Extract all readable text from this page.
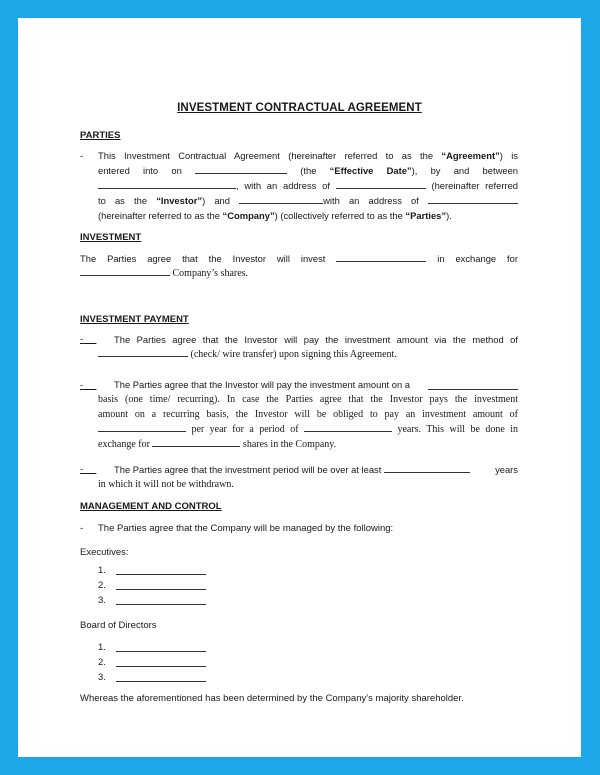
INVESTMENT CONTRACTUAL AGREEMENT
PARTIES
- This Investment Contractual Agreement (hereinafter referred to as the “Agreement”) is
entered into on	(the “Effective Date”), by and between
, with an address of	(hereinafter referred
to as the “Investor”) and	with an address of
(hereinafter referred to as the “Company”) (collectively referred to as the “Parties”).
INVESTMENT
The Parties agree that the Investor will invest	in exchange for
Company’s shares.
INVESTMENT PAYMENT
-	The Parties agree that the Investor will pay the investment amount via the method of
(check/ wire transfer) upon signing this Agreement.
-	The Parties agree that the Investor will pay the investment amount on a
basis (one time/ recurring). In case the Parties agree that the Investor pays the investment
amount on a recurring basis, the Investor will be obliged to pay an investment amount of
per year for a period of	years. This will be done in
exchange for	shares in the Company.
-	The Parties agree that the investment period will be over at least	years
in which it will not be withdrawn.
MANAGEMENT AND CONTROL
- The Parties agree that the Company will be managed by the following:
Executives:
1.
2.
3.
Board of Directors
1.
2.
3.
Whereas the aforementioned has been determined by the Company’s majority shareholder.
